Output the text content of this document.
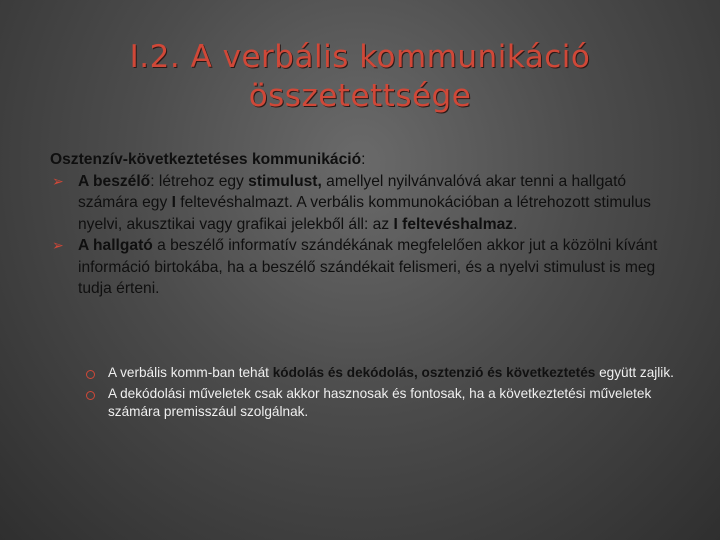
I.2. A verbális kommunikáció
összetettsége

Osztenzív-következtetéses kommunikáció:

➢ A beszélő: létrehoz egy stimulust, amellyel nyilvánvalóvá akar tenni a hallgató számára egy I feltevéshalmazt. A verbális kommunokációban a létrehozott stimulus nyelvi, akusztikai vagy grafikai jelekből áll: az I feltevéshalmaz.

➢ A hallgató a beszélő informatív szándékának megfelelően akkor jut a közölni kívánt információ birtokába, ha a beszélő szándékait felismeri, és a nyelvi stimulust is meg tudja érteni.

A verbális komm-ban tehát kódolás és dekódolás, osztenzió és következtetés együtt zajlik.

A dekódolási műveletek csak akkor hasznosak és fontosak, ha a következtetési műveletek számára premisszául szolgálnak.
